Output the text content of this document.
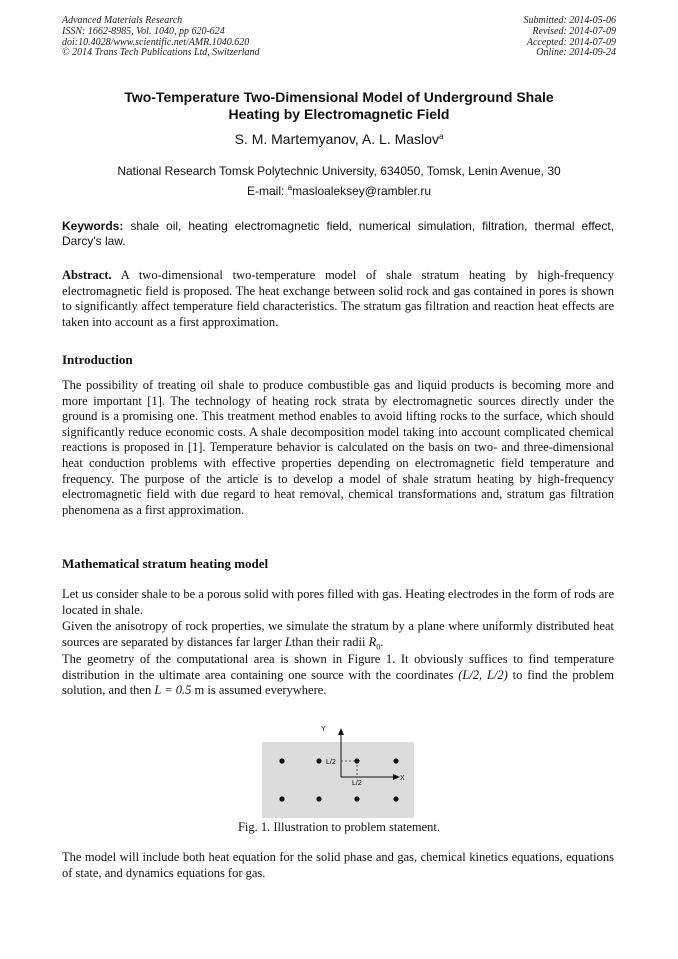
Advanced Materials Research
ISSN: 1662-8985, Vol. 1040, pp 620-624
doi:10.4028/www.scientific.net/AMR.1040.620
© 2014 Trans Tech Publications Ltd, Switzerland
Submitted: 2014-05-06
Revised: 2014-07-09
Accepted: 2014-07-09
Online: 2014-09-24
Two-Temperature Two-Dimensional Model of Underground Shale
Heating by Electromagnetic Field
S. M. Martemyanov, A. L. Maslov$^a$
National Research Tomsk Polytechnic University, 634050, Tomsk, Lenin Avenue, 30
E-mail: $^a$masloaleksey@rambler.ru
Keywords: shale oil, heating electromagnetic field, numerical simulation, filtration, thermal effect, Darcy's law.
Abstract. A two-dimensional two-temperature model of shale stratum heating by high-frequency electromagnetic field is proposed. The heat exchange between solid rock and gas contained in pores is shown to significantly affect temperature field characteristics. The stratum gas filtration and reaction heat effects are taken into account as a first approximation.
Introduction
The possibility of treating oil shale to produce combustible gas and liquid products is becoming more and more important [1]. The technology of heating rock strata by electromagnetic sources directly under the ground is a promising one. This treatment method enables to avoid lifting rocks to the surface, which should significantly reduce economic costs. A shale decomposition model taking into account complicated chemical reactions is proposed in [1]. Temperature behavior is calculated on the basis on two- and three-dimensional heat conduction problems with effective properties depending on electromagnetic field temperature and frequency. The purpose of the article is to develop a model of shale stratum heating by high-frequency electromagnetic field with due regard to heat removal, chemical transformations and, stratum gas filtration phenomena as a first approximation.
Mathematical stratum heating model
Let us consider shale to be a porous solid with pores filled with gas. Heating electrodes in the form of rods are located in shale.
Given the anisotropy of rock properties, we simulate the stratum by a plane where uniformly distributed heat sources are separated by distances far larger Lthan their radii $R_0$.
The geometry of the computational area is shown in Figure 1. It obviously suffices to find temperature distribution in the ultimate area containing one source with the coordinates (L/2, L/2) to find the problem solution, and then L = 0.5 m is assumed everywhere.
Y
X
L/2
L/2
Fig. 1. Illustration to problem statement.
The model will include both heat equation for the solid phase and gas, chemical kinetics equations, equations of state, and dynamics equations for gas.
